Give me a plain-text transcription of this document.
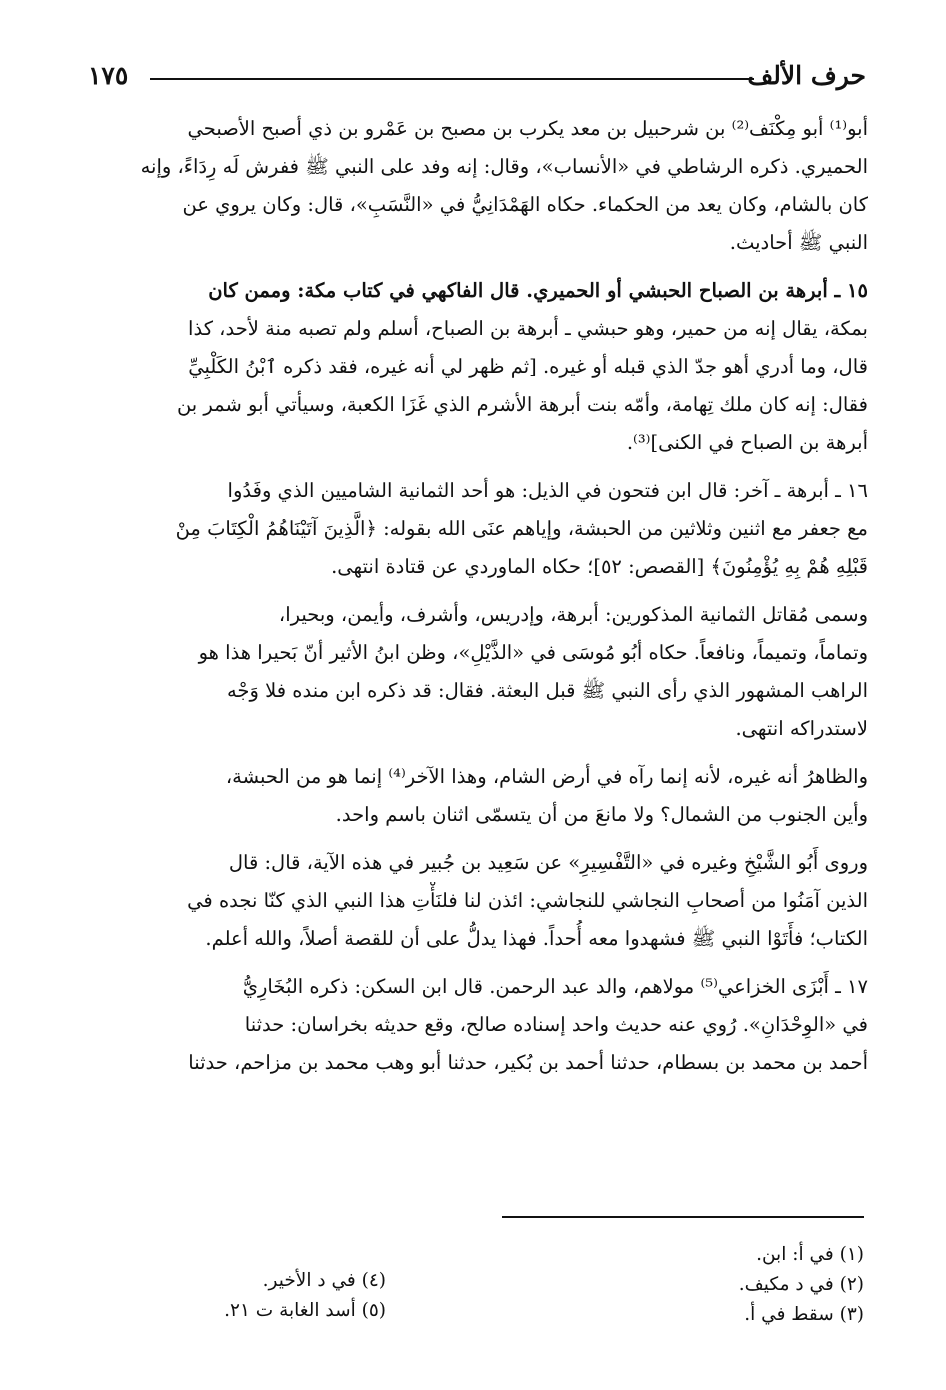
حرف الألف
١٧٥
أبو⁽¹⁾ أبو مِكْنَف⁽²⁾ بن شرحبيل بن معد يكرب بن مصبح بن عَمْرو بن ذي أصبح الأصبحي
الحميري. ذكره الرشاطي في «الأنساب»، وقال: إنه وفد على النبي ﷺ ففرش لَه رِدَاءً، وإنه
كان بالشام، وكان يعد من الحكماء. حكاه الهَمْدَانِيُّ في «النَّسَبِ»، قال: وكان يروي عن
النبي ﷺ أحاديث.
١٥ ـ أبرهة بن الصباح الحبشي أو الحميري. قال الفاكهي في كتاب مكة: وممن كان
بمكة، يقال إنه من حمير، وهو حبشي ـ أبرهة بن الصباح، أسلم ولم تصبه منة لأحد، كذا
قال، وما أدري أهو جدّ الذي قبله أو غيره. [ثم ظهر لي أنه غيره، فقد ذكره ٱبْنُ الكَلْبِيِّ
فقال: إنه كان ملك تِهامة، وأمّه بنت أبرهة الأشرم الذي غَزَا الكعبة، وسيأتي أبو شمر بن
أبرهة بن الصباح في الكنى]⁽³⁾.
١٦ ـ أبرهة ـ آخر: قال ابن فتحون في الذيل: هو أحد الثمانية الشاميين الذي وفَدُوا
مع جعفر مع اثنين وثلاثين من الحبشة، وإياهم عنَى الله بقوله: ﴿الَّذِينَ آتَيْنَاهُمُ الْكِتَابَ مِنْ
قَبْلِهِ هُمْ بِهِ يُؤْمِنُونَ﴾ [القصص: ٥٢]؛ حكاه الماوردي عن قتادة انتهى.
وسمى مُقاتل الثمانية المذكورين: أبرهة، وإدريس، وأشرف، وأيمن، وبحيرا،
وتماماً، وتميماً، ونافعاً. حكاه أبُو مُوسَى في «الذَّيْلِ»، وظن ابنُ الأثير أنّ بَحيرا هذا هو
الراهب المشهور الذي رأى النبي ﷺ قبل البعثة. فقال: قد ذكره ابن منده فلا وَجْه
لاستدراكه انتهى.
والظاهرُ أنه غيره، لأنه إنما رآه في أرض الشام، وهذا الآخر⁽⁴⁾ إنما هو من الحبشة،
وأين الجنوب من الشمال؟ ولا مانعَ من أن يتسمّى اثنان باسم واحد.
وروى أَبُو الشَّيْخِ وغيره في «التَّفْسِيرِ» عن سَعِيد بن جُبير في هذه الآية، قال: قال
الذين آمَنُوا من أصحابِ النجاشي للنجاشي: ائذن لنا فلنَأْتِ هذا النبي الذي كنّا نجده في
الكتاب؛ فأَتَوْا النبي ﷺ فشهدوا معه أُحداً. فهذا يدلُّ على أن للقصة أصلاً، والله أعلم.
١٧ ـ أَبْزَى الخزاعي⁽⁵⁾ مولاهم، والد عبد الرحمن. قال ابن السكن: ذكره البُخَارِيُّ
في «الوِحْدَانِ». رُوي عنه حديث واحد إسناده صالح، وقع حديثه بخراسان: حدثنا
أحمد بن محمد بن بسطام، حدثنا أحمد بن بُكير، حدثنا أبو وهب محمد بن مزاحم، حدثنا
(١) في أ: ابن.
(٢) في د مكيف.
(٣) سقط في أ.
(٤) في د الأخير.
(٥) أسد الغابة ت ٢١.
